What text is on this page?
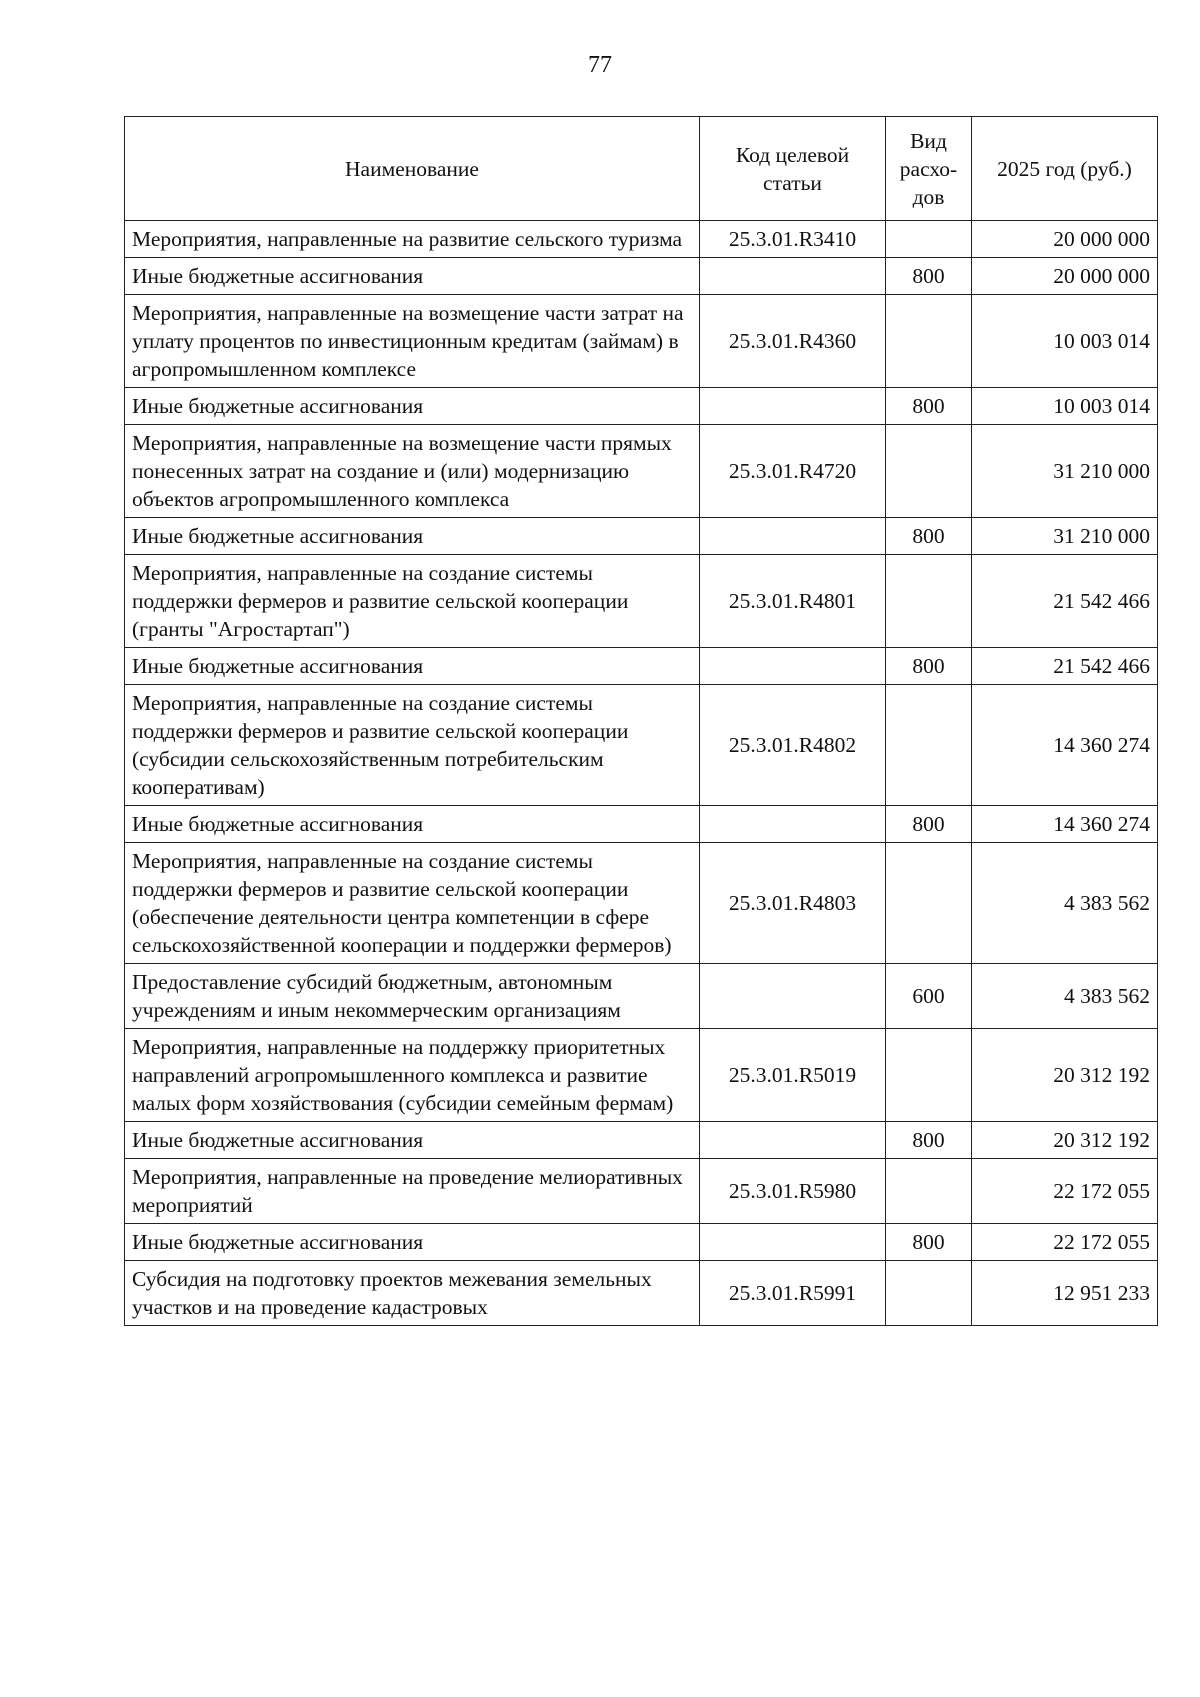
77
Наименование	Код целевой статьи	Вид расхо-дов	2025 год (руб.)
Мероприятия, направленные на развитие сельского туризма	25.3.01.R3410		20 000 000
Иные бюджетные ассигнования		800	20 000 000
Мероприятия, направленные на возмещение части затрат на уплату процентов по инвестиционным кредитам (займам) в агропромышленном комплексе	25.3.01.R4360		10 003 014
Иные бюджетные ассигнования		800	10 003 014
Мероприятия, направленные на возмещение части прямых понесенных затрат на создание и (или) модернизацию объектов агропромышленного комплекса	25.3.01.R4720		31 210 000
Иные бюджетные ассигнования		800	31 210 000
Мероприятия, направленные на создание системы поддержки фермеров и развитие сельской кооперации (гранты "Агростартап")	25.3.01.R4801		21 542 466
Иные бюджетные ассигнования		800	21 542 466
Мероприятия, направленные на создание системы поддержки фермеров и развитие сельской кооперации (субсидии сельскохозяйственным потребительским кооперативам)	25.3.01.R4802		14 360 274
Иные бюджетные ассигнования		800	14 360 274
Мероприятия, направленные на создание системы поддержки фермеров и развитие сельской кооперации (обеспечение деятельности центра компетенции в сфере сельскохозяйственной кооперации и поддержки фермеров)	25.3.01.R4803		4 383 562
Предоставление субсидий бюджетным, автономным учреждениям и иным некоммерческим организациям		600	4 383 562
Мероприятия, направленные на поддержку приоритетных направлений агропромышленного комплекса и развитие малых форм хозяйствования (субсидии семейным фермам)	25.3.01.R5019		20 312 192
Иные бюджетные ассигнования		800	20 312 192
Мероприятия, направленные на проведение мелиоративных мероприятий	25.3.01.R5980		22 172 055
Иные бюджетные ассигнования		800	22 172 055
Субсидия на подготовку проектов межевания земельных участков и на проведение кадастровых	25.3.01.R5991		12 951 233
